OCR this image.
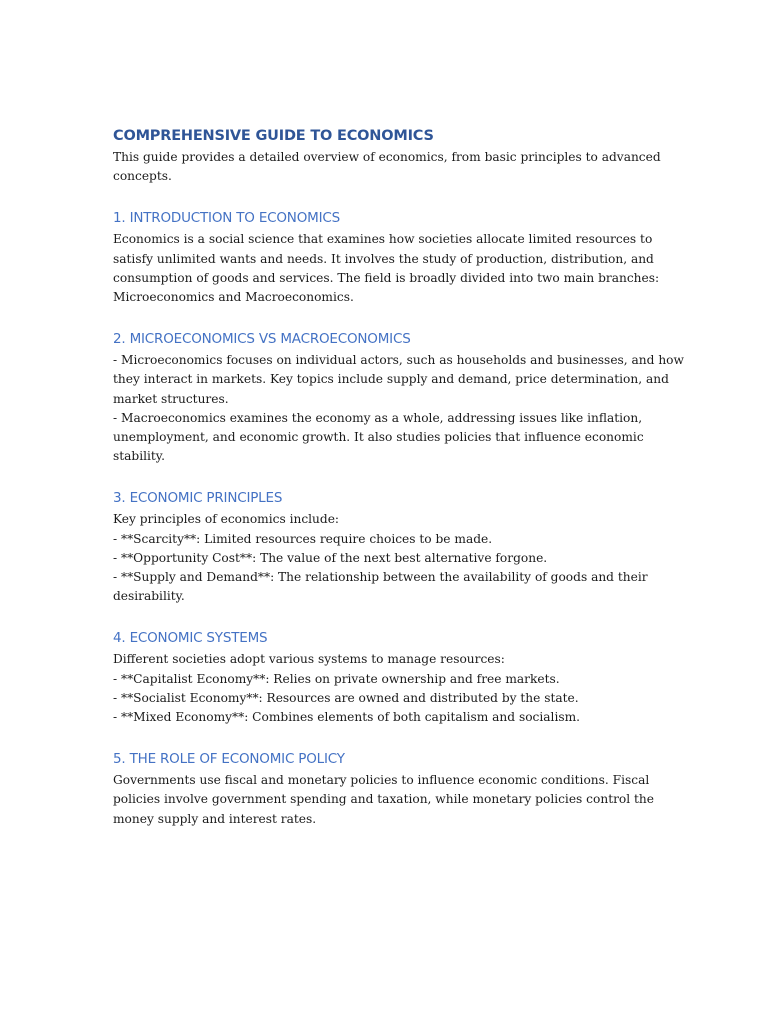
COMPREHENSIVE GUIDE TO ECONOMICS

This guide provides a detailed overview of economics, from basic principles to advanced
concepts.

1. INTRODUCTION TO ECONOMICS

Economics is a social science that examines how societies allocate limited resources to
satisfy unlimited wants and needs. It involves the study of production, distribution, and
consumption of goods and services. The field is broadly divided into two main branches:
Microeconomics and Macroeconomics.

2. MICROECONOMICS VS MACROECONOMICS

- Microeconomics focuses on individual actors, such as households and businesses, and how
they interact in markets. Key topics include supply and demand, price determination, and
market structures.
- Macroeconomics examines the economy as a whole, addressing issues like inflation,
unemployment, and economic growth. It also studies policies that influence economic
stability.

3. ECONOMIC PRINCIPLES

Key principles of economics include:
- **Scarcity**: Limited resources require choices to be made.
- **Opportunity Cost**: The value of the next best alternative forgone.
- **Supply and Demand**: The relationship between the availability of goods and their
desirability.

4. ECONOMIC SYSTEMS

Different societies adopt various systems to manage resources:
- **Capitalist Economy**: Relies on private ownership and free markets.
- **Socialist Economy**: Resources are owned and distributed by the state.
- **Mixed Economy**: Combines elements of both capitalism and socialism.

5. THE ROLE OF ECONOMIC POLICY

Governments use fiscal and monetary policies to influence economic conditions. Fiscal
policies involve government spending and taxation, while monetary policies control the
money supply and interest rates.
